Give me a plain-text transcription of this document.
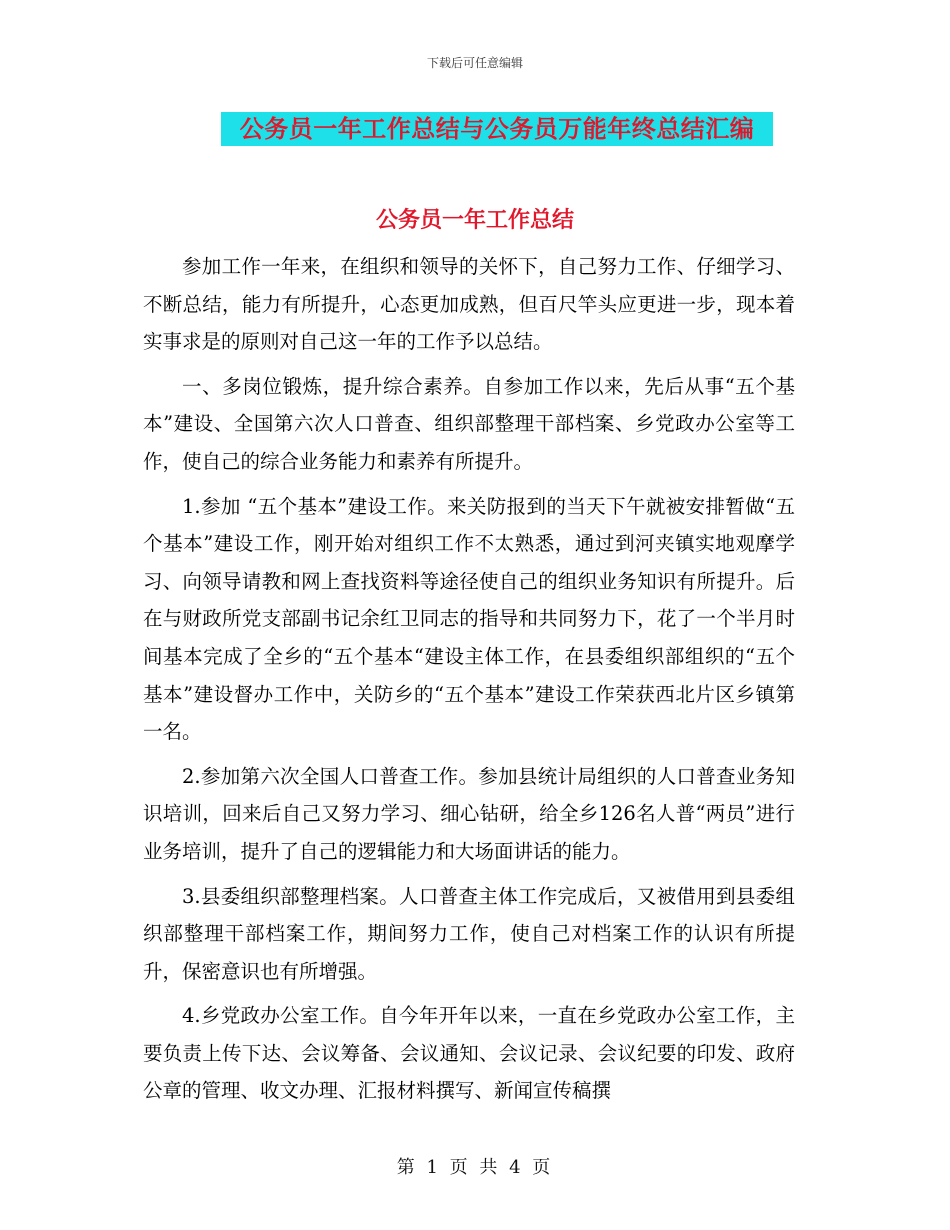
下载后可任意编辑
公务员一年工作总结与公务员万能年终总结汇编
公务员一年工作总结

参加工作一年来，在组织和领导的关怀下，自己努力工作、仔细学习、不断总结，能力有所提升，心态更加成熟，但百尺竿头应更进一步，现本着实事求是的原则对自己这一年的工作予以总结。

一、多岗位锻炼，提升综合素养。自参加工作以来，先后从事“五个基本”建设、全国第六次人口普查、组织部整理干部档案、乡党政办公室等工作，使自己的综合业务能力和素养有所提升。

1.参加 “五个基本”建设工作。来关防报到的当天下午就被安排暂做“五个基本”建设工作，刚开始对组织工作不太熟悉，通过到河夹镇实地观摩学习、向领导请教和网上查找资料等途径使自己的组织业务知识有所提升。后在与财政所党支部副书记余红卫同志的指导和共同努力下，花了一个半月时间基本完成了全乡的“五个基本“建设主体工作，在县委组织部组织的“五个基本”建设督办工作中，关防乡的“五个基本”建设工作荣获西北片区乡镇第一名。

2.参加第六次全国人口普查工作。参加县统计局组织的人口普查业务知识培训，回来后自己又努力学习、细心钻研，给全乡126名人普“两员”进行业务培训，提升了自己的逻辑能力和大场面讲话的能力。

3.县委组织部整理档案。人口普查主体工作完成后，又被借用到县委组织部整理干部档案工作，期间努力工作，使自己对档案工作的认识有所提升，保密意识也有所增强。

4.乡党政办公室工作。自今年开年以来，一直在乡党政办公室工作，主要负责上传下达、会议筹备、会议通知、会议记录、会议纪要的印发、政府公章的管理、收文办理、汇报材料撰写、新闻宣传稿撰

第 1 页 共 4 页
